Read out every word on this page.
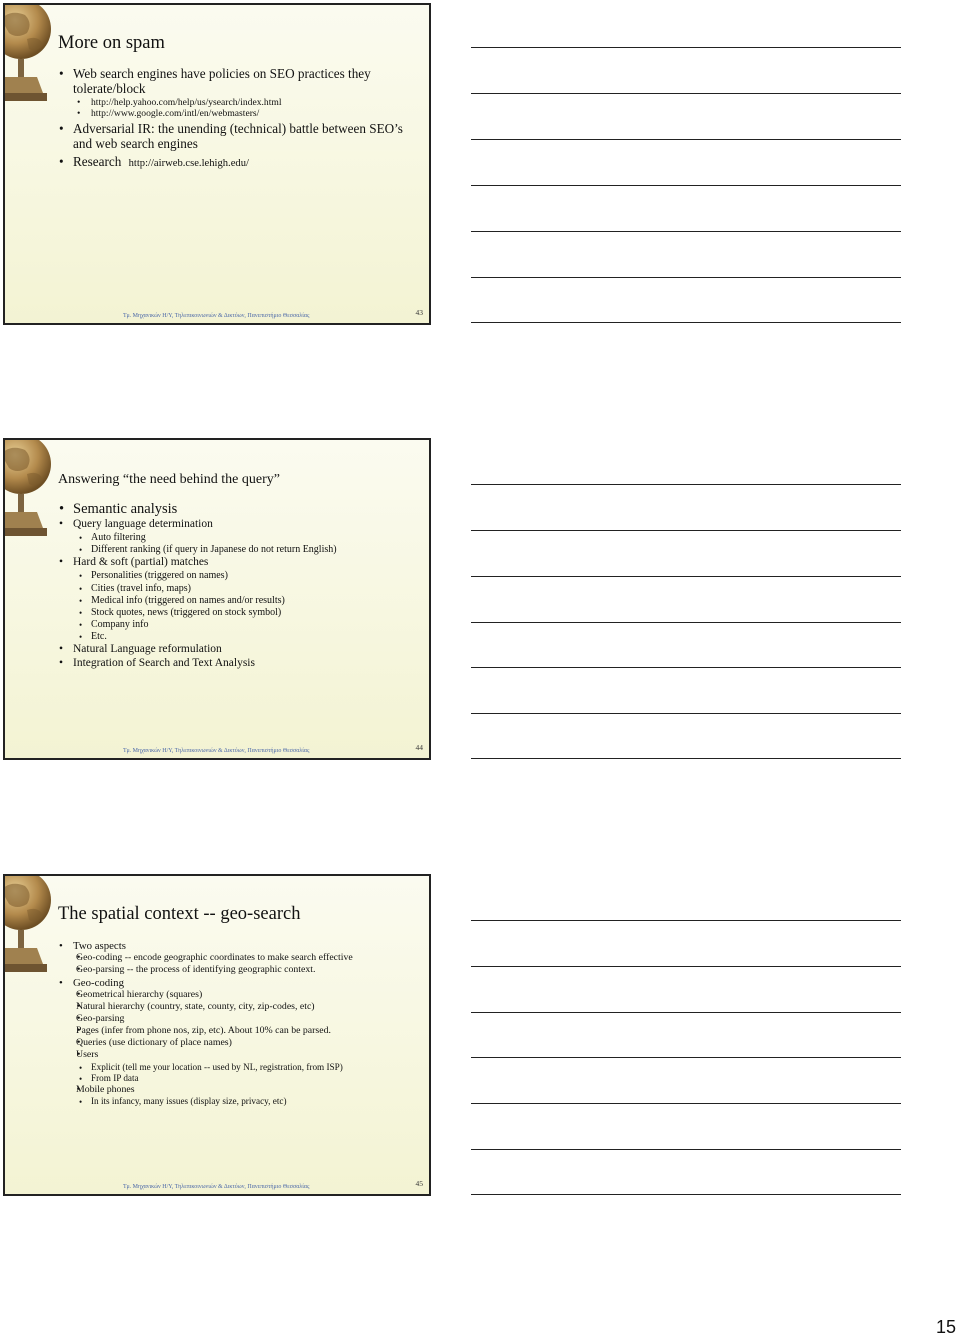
More on spam
• Web search engines have policies on SEO practices they tolerate/block
• http://help.yahoo.com/help/us/ysearch/index.html
• http://www.google.com/intl/en/webmasters/
• Adversarial IR: the unending (technical) battle between SEO’s and web search engines
• Research http://airweb.cse.lehigh.edu/
Τμ. Μηχανικών Η/Υ, Τηλεπικοινωνιών & Δικτύων, Πανεπιστήμιο Θεσσαλίας	43
Answering “the need behind the query”
• Semantic analysis
• Query language determination
• Auto filtering
• Different ranking (if query in Japanese do not return English)
• Hard & soft (partial) matches
• Personalities (triggered on names)
• Cities (travel info, maps)
• Medical info (triggered on names and/or results)
• Stock quotes, news (triggered on stock symbol)
• Company info
• Etc.
• Natural Language reformulation
• Integration of Search and Text Analysis
Τμ. Μηχανικών Η/Υ, Τηλεπικοινωνιών & Δικτύων, Πανεπιστήμιο Θεσσαλίας	44
The spatial context -- geo-search
• Two aspects
• Geo-coding -- encode geographic coordinates to make search effective
• Geo-parsing -- the process of identifying geographic context.
• Geo-coding
• Geometrical hierarchy (squares)
• Natural hierarchy (country, state, county, city, zip-codes, etc)
• Geo-parsing
• Pages (infer from phone nos, zip, etc). About 10% can be parsed.
• Queries (use dictionary of place names)
• Users
• Explicit (tell me your location -- used by NL, registration, from ISP)
• From IP data
• Mobile phones
• In its infancy, many issues (display size, privacy, etc)
Τμ. Μηχανικών Η/Υ, Τηλεπικοινωνιών & Δικτύων, Πανεπιστήμιο Θεσσαλίας	45
15
